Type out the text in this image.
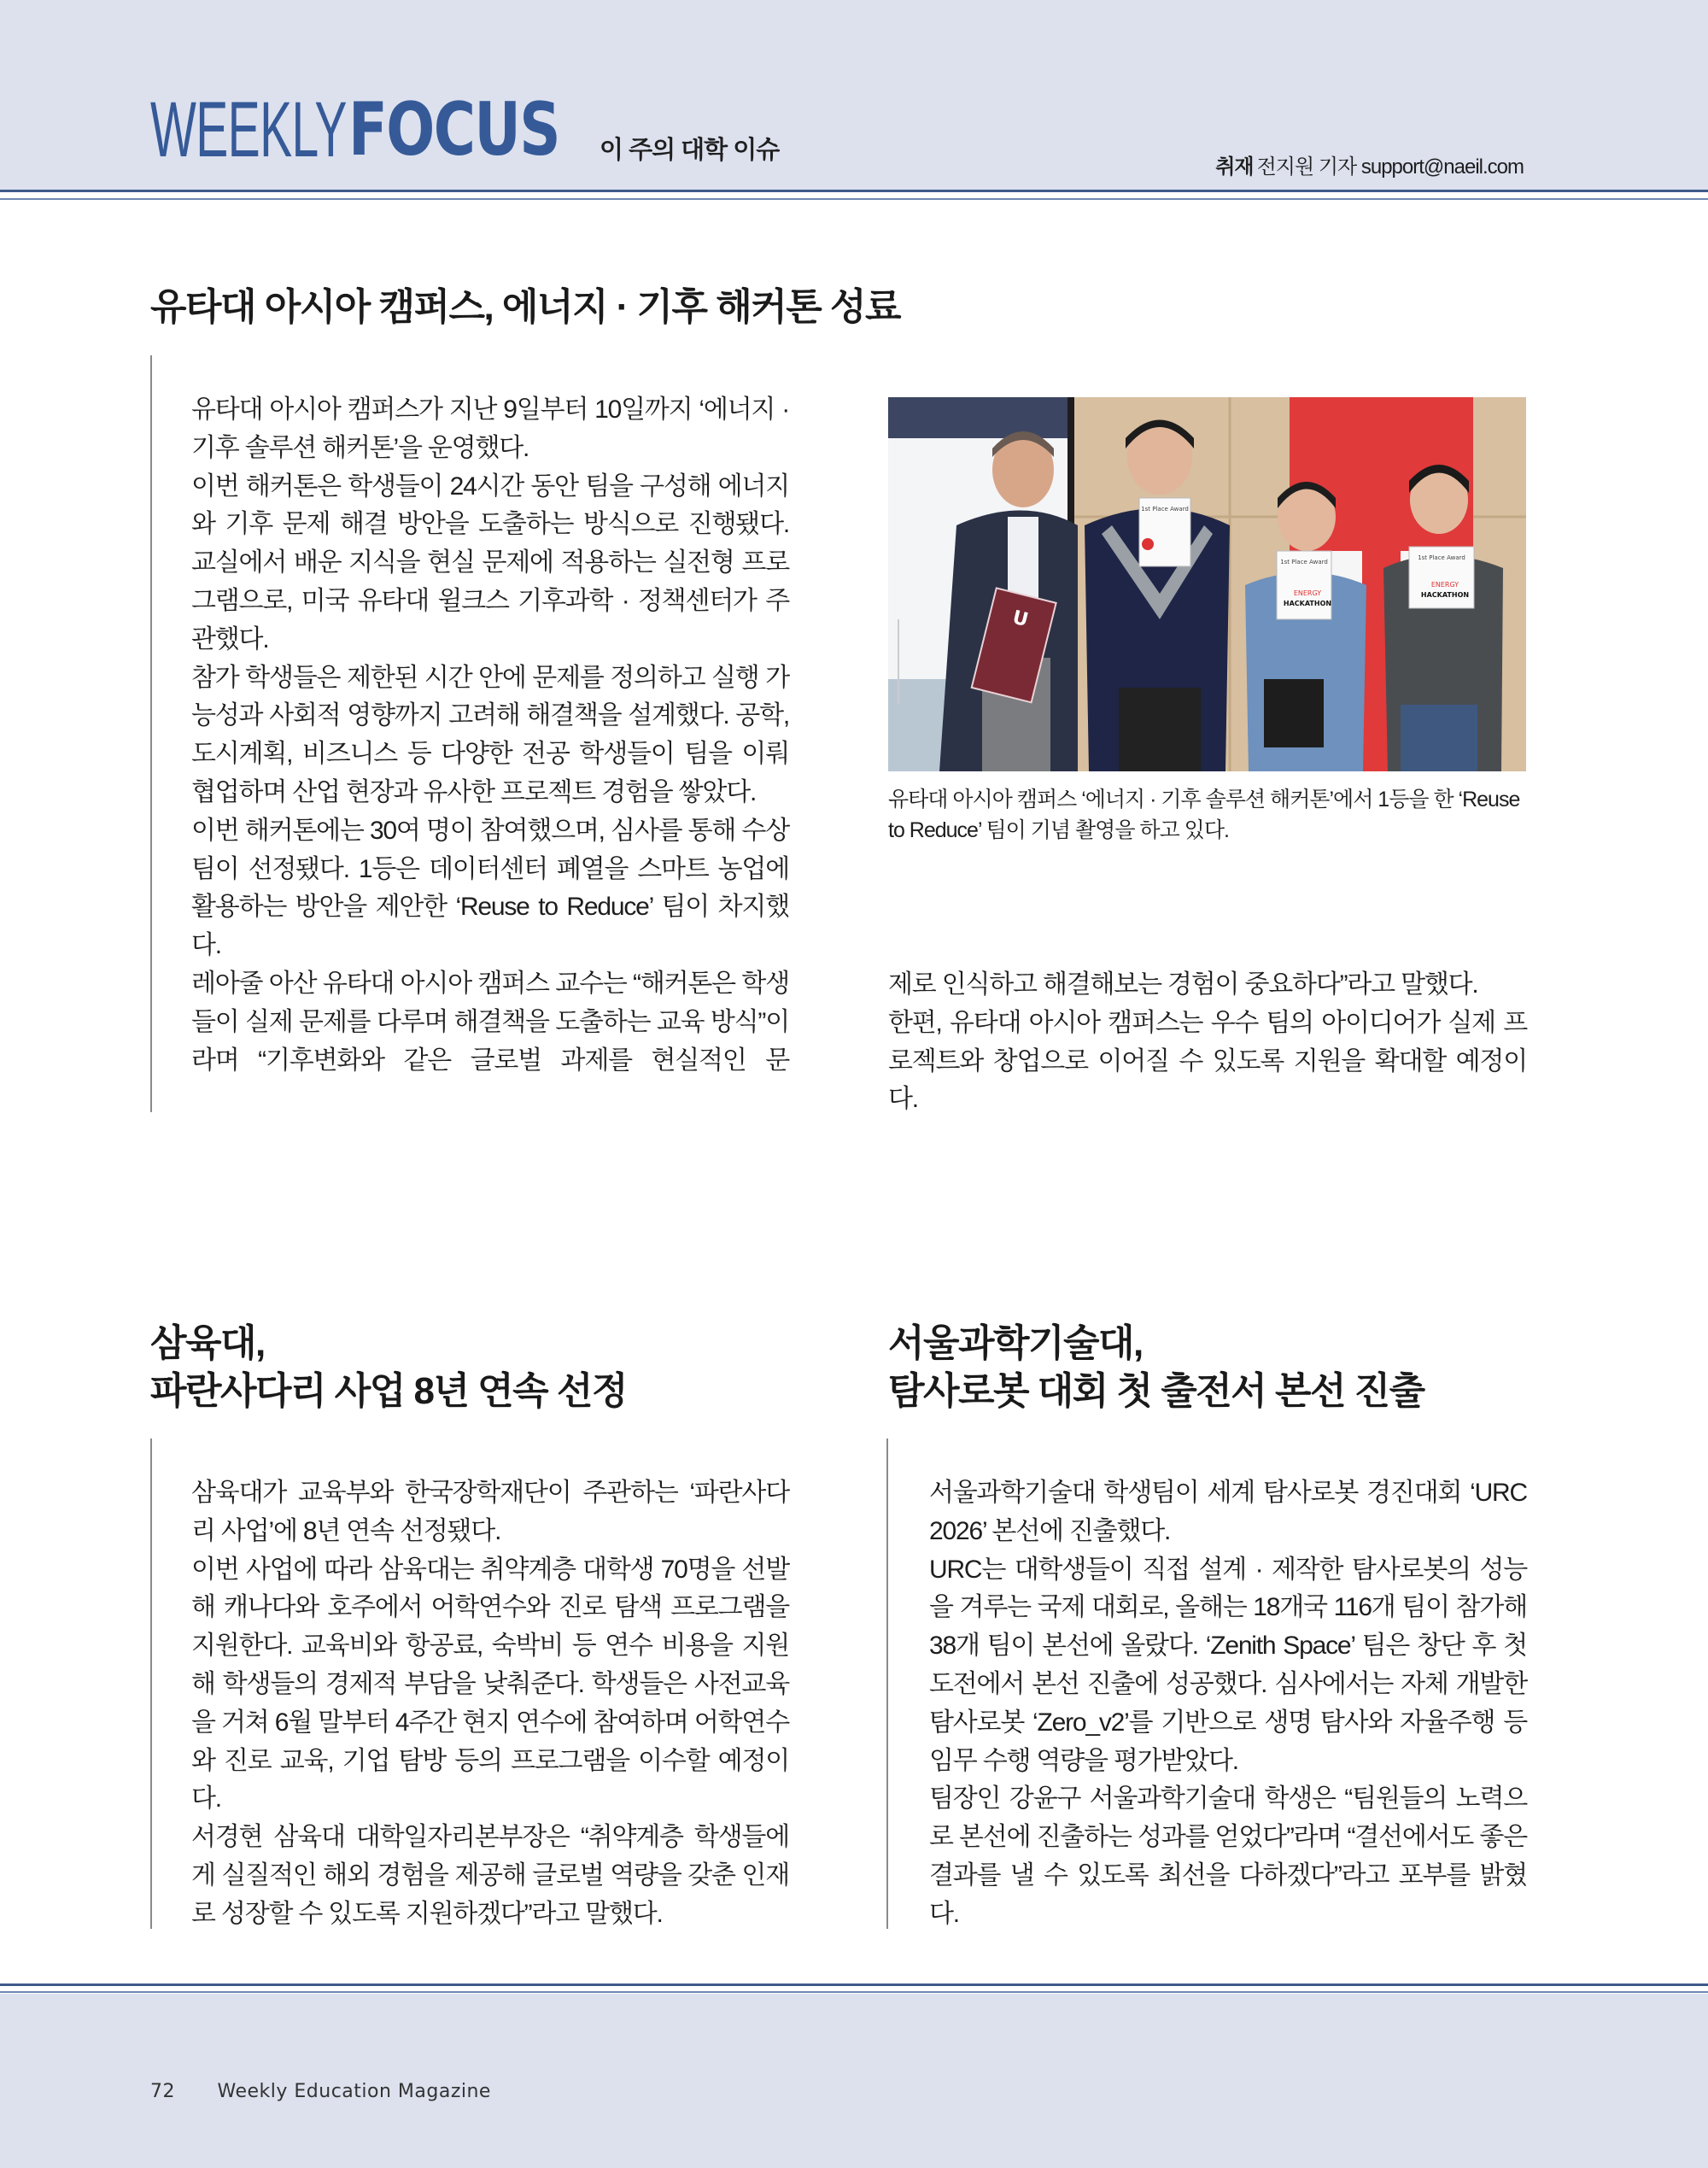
WEEKLY FOCUS 이 주의 대학 이슈
취재 전지원 기자 support@naeil.com
유타대 아시아 캠퍼스, 에너지 · 기후 해커톤 성료

유타대 아시아 캠퍼스가 지난 9일부터 10일까지 ‘에너지 · 기후 솔루션 해커톤’을 운영했다.

이번 해커톤은 학생들이 24시간 동안 팀을 구성해 에너지와 기후 문제 해결 방안을 도출하는 방식으로 진행됐다. 교실에서 배운 지식을 현실 문제에 적용하는 실전형 프로그램으로, 미국 유타대 윌크스 기후과학 · 정책센터가 주관했다.

참가 학생들은 제한된 시간 안에 문제를 정의하고 실행 가능성과 사회적 영향까지 고려해 해결책을 설계했다. 공학, 도시계획, 비즈니스 등 다양한 전공 학생들이 팀을 이뤄 협업하며 산업 현장과 유사한 프로젝트 경험을 쌓았다.

이번 해커톤에는 30여 명이 참여했으며, 심사를 통해 수상 팀이 선정됐다. 1등은 데이터센터 폐열을 스마트 농업에 활용하는 방안을 제안한 ‘Reuse to Reduce’ 팀이 차지했다.

레아줄 아산 유타대 아시아 캠퍼스 교수는 “해커톤은 학생들이 실제 문제를 다루며 해결책을 도출하는 교육 방식”이라며 “기후변화와 같은 글로벌 과제를 현실적인 문

U
1st Place Award
1st Place Award
ENERGY
HACKATHON
1st Place Award
ENERGY
HACKATHON
유타대 아시아 캠퍼스 ‘에너지 · 기후 솔루션 해커톤’에서 1등을 한 ‘Reuse to Reduce’ 팀이 기념 촬영을 하고 있다.

제로 인식하고 해결해보는 경험이 중요하다”라고 말했다.

한편, 유타대 아시아 캠퍼스는 우수 팀의 아이디어가 실제 프로젝트와 창업으로 이어질 수 있도록 지원을 확대할 예정이다.

삼육대,
파란사다리 사업 8년 연속 선정

삼육대가 교육부와 한국장학재단이 주관하는 ‘파란사다리 사업’에 8년 연속 선정됐다.

이번 사업에 따라 삼육대는 취약계층 대학생 70명을 선발해 캐나다와 호주에서 어학연수와 진로 탐색 프로그램을 지원한다. 교육비와 항공료, 숙박비 등 연수 비용을 지원해 학생들의 경제적 부담을 낮춰준다. 학생들은 사전교육을 거쳐 6월 말부터 4주간 현지 연수에 참여하며 어학연수와 진로 교육, 기업 탐방 등의 프로그램을 이수할 예정이다.

서경현 삼육대 대학일자리본부장은 “취약계층 학생들에게 실질적인 해외 경험을 제공해 글로벌 역량을 갖춘 인재로 성장할 수 있도록 지원하겠다”라고 말했다.

서울과학기술대,
탐사로봇 대회 첫 출전서 본선 진출

서울과학기술대 학생팀이 세계 탐사로봇 경진대회 ‘URC 2026’ 본선에 진출했다.

URC는 대학생들이 직접 설계 · 제작한 탐사로봇의 성능을 겨루는 국제 대회로, 올해는 18개국 116개 팀이 참가해 38개 팀이 본선에 올랐다. ‘Zenith Space’ 팀은 창단 후 첫 도전에서 본선 진출에 성공했다. 심사에서는 자체 개발한 탐사로봇 ‘Zero_v2’를 기반으로 생명 탐사와 자율주행 등 임무 수행 역량을 평가받았다.

팀장인 강윤구 서울과학기술대 학생은 “팀원들의 노력으로 본선에 진출하는 성과를 얻었다”라며 “결선에서도 좋은 결과를 낼 수 있도록 최선을 다하겠다”라고 포부를 밝혔다.

72 Weekly Education Magazine
